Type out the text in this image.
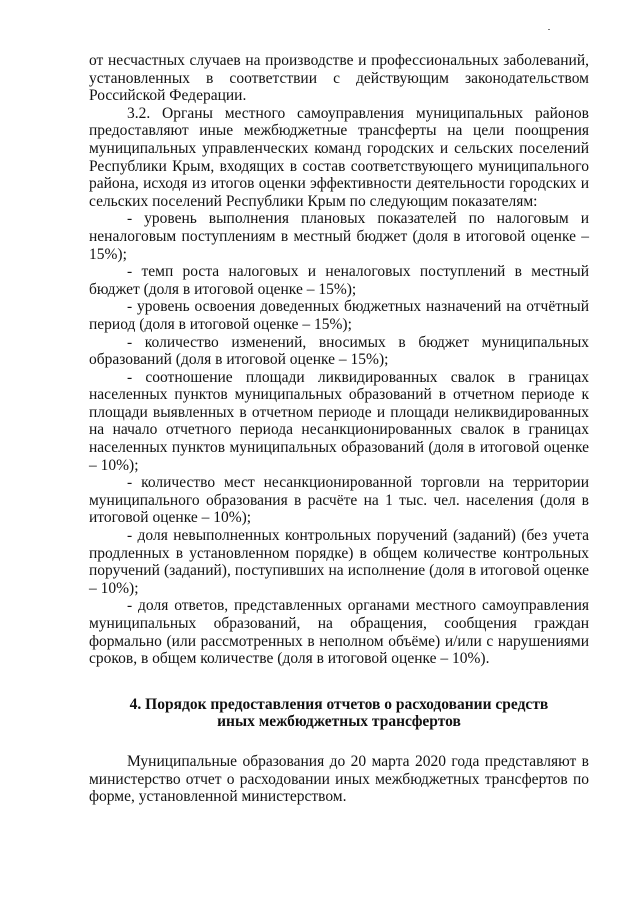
от несчастных случаев на производстве и профессиональных заболеваний, установленных в соответствии с действующим законодательством Российской Федерации.

3.2. Органы местного самоуправления муниципальных районов предоставляют иные межбюджетные трансферты на цели поощрения муниципальных управленческих команд городских и сельских поселений Республики Крым, входящих в состав соответствующего муниципального района, исходя из итогов оценки эффективности деятельности городских и сельских поселений Республики Крым по следующим показателям:

- уровень выполнения плановых показателей по налоговым и неналоговым поступлениям в местный бюджет (доля в итоговой оценке – 15%);

- темп роста налоговых и неналоговых поступлений в местный бюджет (доля в итоговой оценке – 15%);

- уровень освоения доведенных бюджетных назначений на отчётный период (доля в итоговой оценке – 15%);

- количество изменений, вносимых в бюджет муниципальных образований (доля в итоговой оценке – 15%);

- соотношение площади ликвидированных свалок в границах населенных пунктов муниципальных образований в отчетном периоде к площади выявленных в отчетном периоде и площади неликвидированных на начало отчетного периода несанкционированных свалок в границах населенных пунктов муниципальных образований (доля в итоговой оценке – 10%);

- количество мест несанкционированной торговли на территории муниципального образования в расчёте на 1 тыс. чел. населения (доля в итоговой оценке – 10%);

- доля невыполненных контрольных поручений (заданий) (без учета продленных в установленном порядке) в общем количестве контрольных поручений (заданий), поступивших на исполнение (доля в итоговой оценке – 10%);

- доля ответов, представленных органами местного самоуправления муниципальных образований, на обращения, сообщения граждан формально (или рассмотренных в неполном объёме) и/или с нарушениями сроков, в общем количестве (доля в итоговой оценке – 10%).

4. Порядок предоставления отчетов о расходовании средств
иных межбюджетных трансфертов

Муниципальные образования до 20 марта 2020 года представляют в министерство отчет о расходовании иных межбюджетных трансфертов по форме, установленной министерством.
